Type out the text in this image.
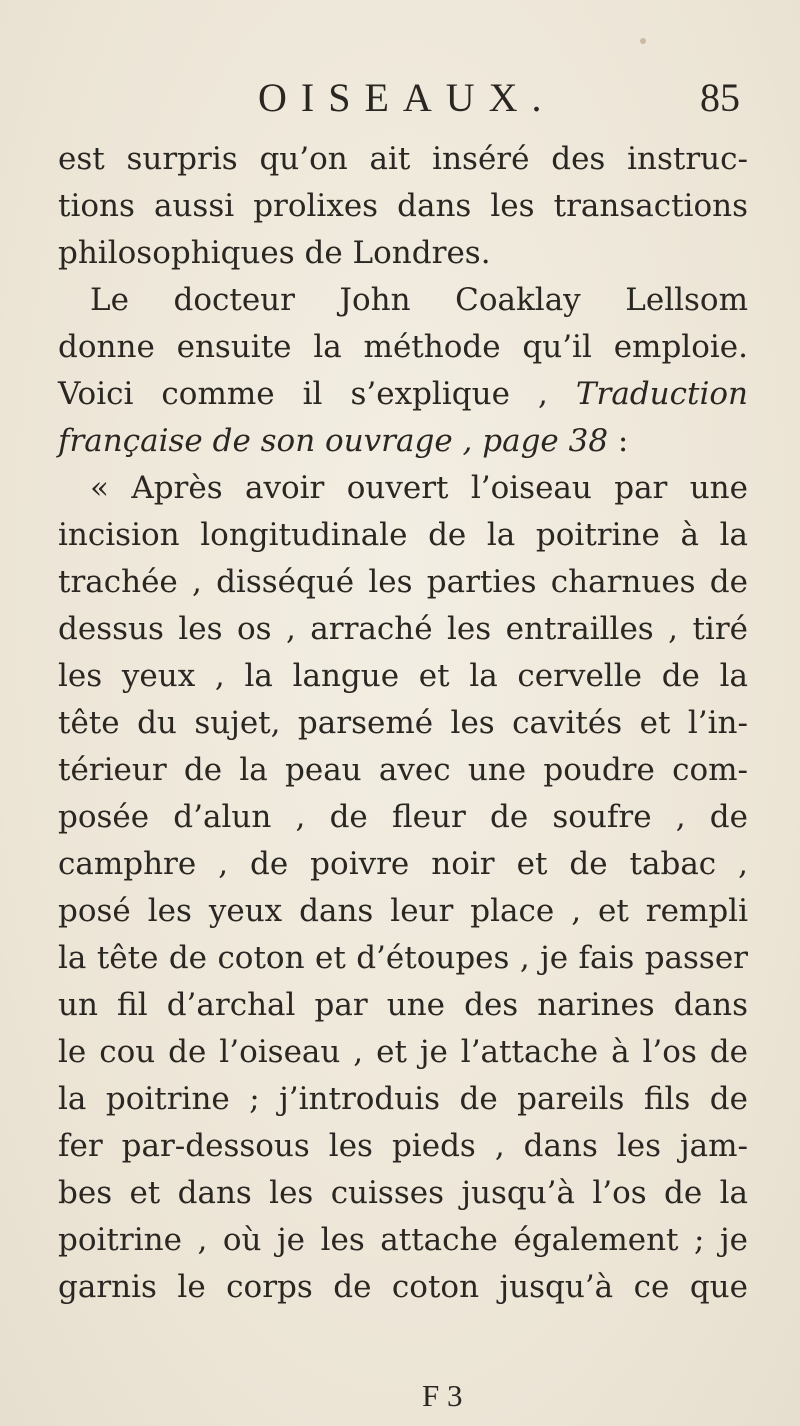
OISEAUX.	85
est surpris qu’on ait inséré des instruc-
tions aussi prolixes dans les transactions
philosophiques de Londres.
Le docteur John Coaklay Lellsom
donne ensuite la méthode qu’il emploie.
Voici comme il s’explique , Traduction
française de son ouvrage , page 38 :
« Après avoir ouvert l’oiseau par une
incision longitudinale de la poitrine à la
trachée , disséqué les parties charnues de
dessus les os , arraché les entrailles , tiré
les yeux , la langue et la cervelle de la
tête du sujet, parsemé les cavités et l’in-
térieur de la peau avec une poudre com-
posée d’alun , de fleur de soufre , de
camphre , de poivre noir et de tabac ,
posé les yeux dans leur place , et rempli
la tête de coton et d’étoupes , je fais passer
un fil d’archal par une des narines dans
le cou de l’oiseau , et je l’attache à l’os de
la poitrine ; j’introduis de pareils fils de
fer par-dessous les pieds , dans les jam-
bes et dans les cuisses jusqu’à l’os de la
poitrine , où je les attache également ; je
garnis le corps de coton jusqu’à ce que
F 3
